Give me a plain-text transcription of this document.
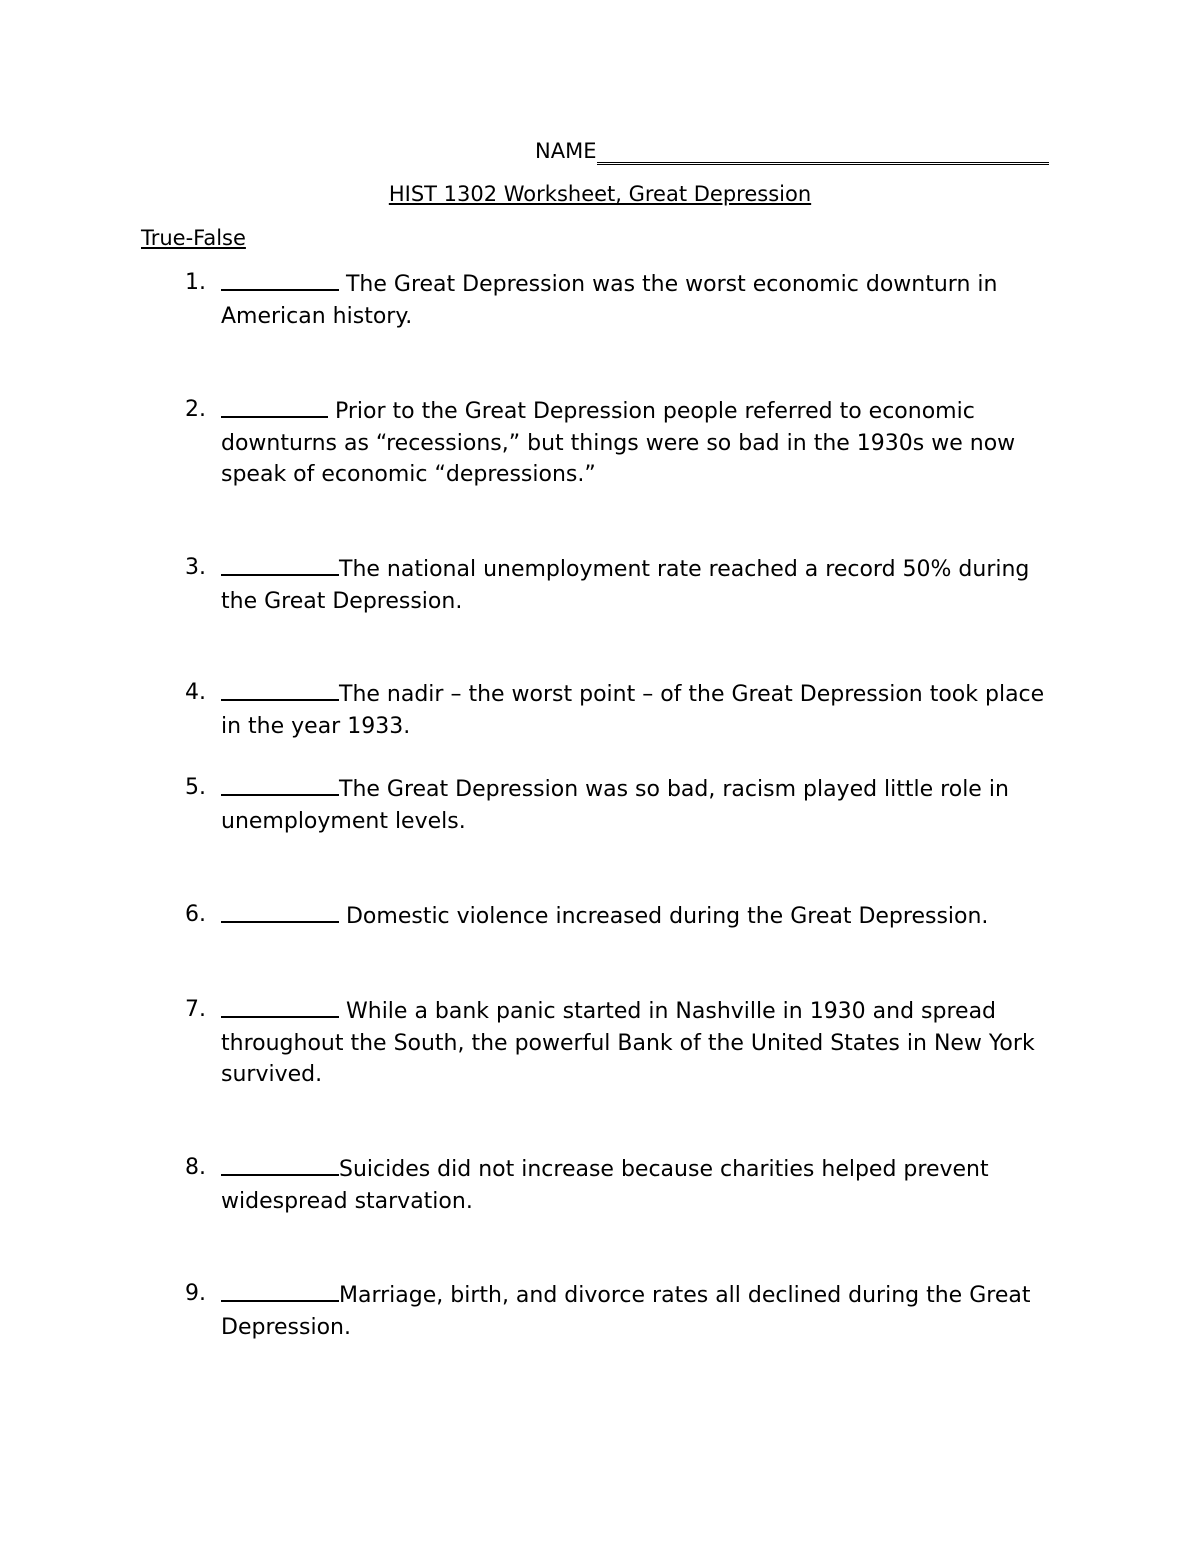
NAME
HIST 1302 Worksheet, Great Depression
True-False
1.	The Great Depression was the worst economic downturn in American history.
2.	Prior to the Great Depression people referred to economic downturns as “recessions,” but things were so bad in the 1930s we now speak of economic “depressions.”
3.	The national unemployment rate reached a record 50% during the Great Depression.
4.	The nadir – the worst point – of the Great Depression took place in the year 1933.
5.	The Great Depression was so bad, racism played little role in unemployment levels.
6.	Domestic violence increased during the Great Depression.
7.	While a bank panic started in Nashville in 1930 and spread throughout the South, the powerful Bank of the United States in New York survived.
8.	Suicides did not increase because charities helped prevent widespread starvation.
9.	Marriage, birth, and divorce rates all declined during the Great Depression.
